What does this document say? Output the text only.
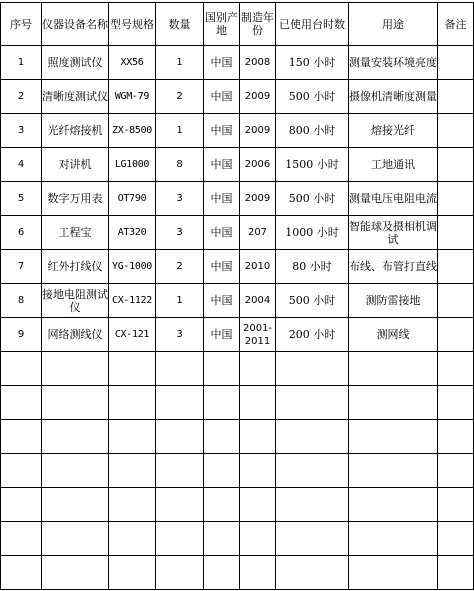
序号	仪器设备名称	型号规格	数量	国别产地	制造年份	已使用台时数	用途	备注
1	照度测试仪	XX56	1	中国	2008	150 小时	测量安装环境亮度	
2	清晰度测试仪	WGM-79	2	中国	2009	500 小时	摄像机清晰度测量	
3	光纤熔接机	ZX-8500	1	中国	2009	800 小时	熔接光纤	
4	对讲机	LG1000	8	中国	2006	1500 小时	工地通讯	
5	数字万用表	OT790	3	中国	2009	500 小时	测量电压电阻电流	
6	工程宝	AT320	3	中国	207	1000 小时	智能球及摄相机调试	
7	红外打线仪	YG-1000	2	中国	2010	80 小时	布线、布管打直线	
8	接地电阻测试仪	CX-1122	1	中国	2004	500 小时	测防雷接地	
9	网络测线仪	CX-121	3	中国	2001-2011	200 小时	测网线	
